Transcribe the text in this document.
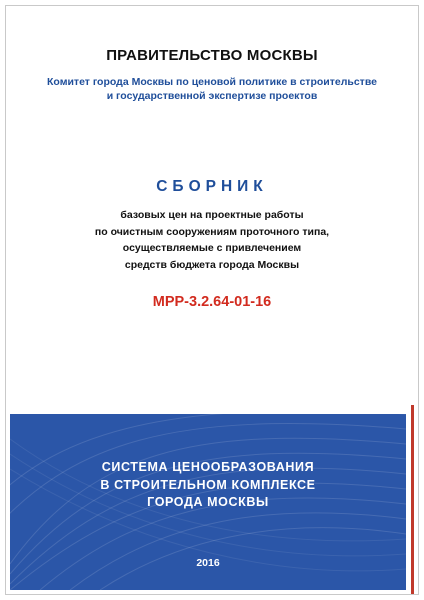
ПРАВИТЕЛЬСТВО МОСКВЫ
Комитет города Москвы по ценовой политике в строительстве
и государственной экспертизе проектов
СБОРНИК
базовых цен на проектные работы
по очистным сооружениям проточного типа,
осуществляемые с привлечением
средств бюджета города Москвы
МРР-3.2.64-01-16
СИСТЕМА ЦЕНООБРАЗОВАНИЯ
В СТРОИТЕЛЬНОМ КОМПЛЕКСЕ
ГОРОДА МОСКВЫ
2016
